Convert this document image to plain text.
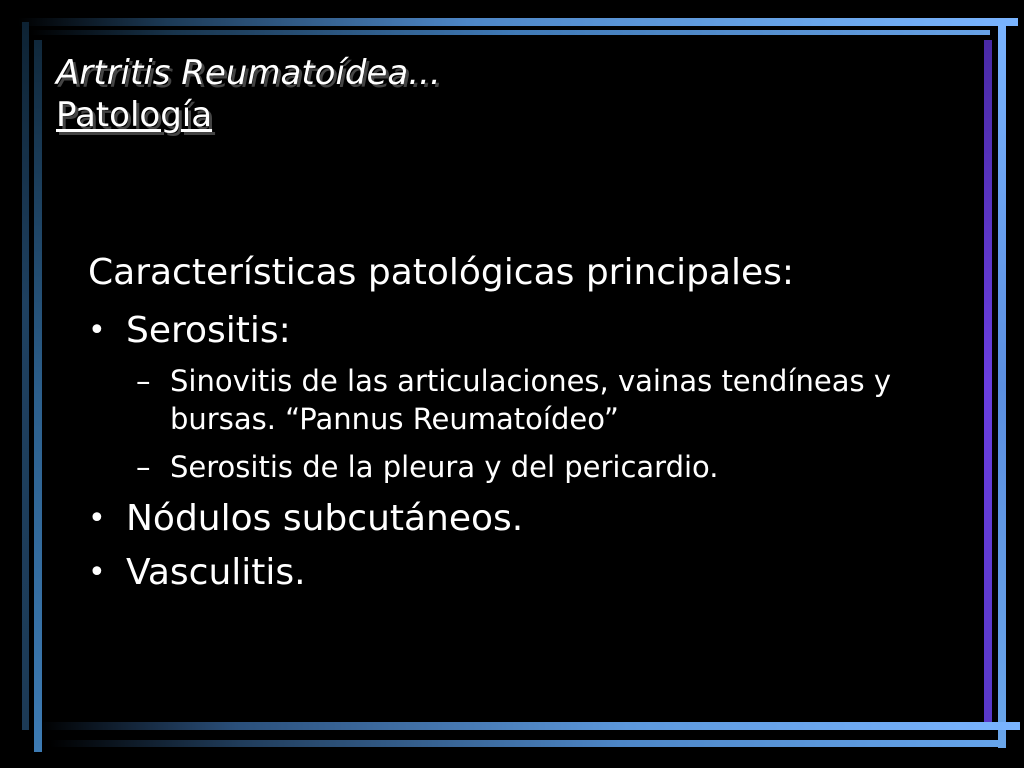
Artritis Reumatoídea...
Patología
Características patológicas principales:
• Serositis:
– Sinovitis de las articulaciones, vainas tendíneas y bursas. “Pannus Reumatoídeo”
– Serositis de la pleura y del pericardio.
• Nódulos subcutáneos.
• Vasculitis.
